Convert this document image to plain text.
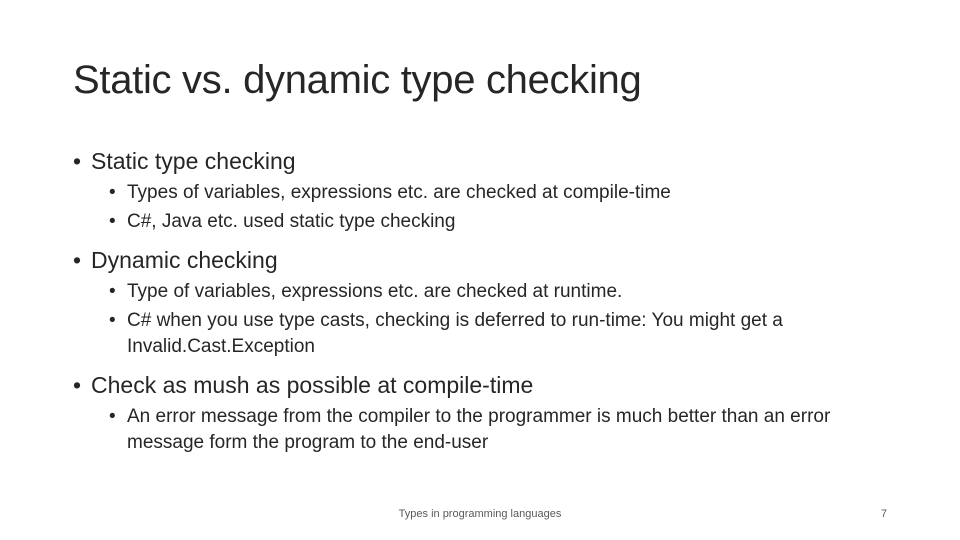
Static vs. dynamic type checking
• Static type checking
• Types of variables, expressions etc. are checked at compile-time
• C#, Java etc. used static type checking
• Dynamic checking
• Type of variables, expressions etc. are checked at runtime.
• C# when you use type casts, checking is deferred to run-time: You might get a Invalid.Cast.Exception
• Check as mush as possible at compile-time
• An error message from the compiler to the programmer is much better than an error message form the program to the end-user
Types in programming languages	7
